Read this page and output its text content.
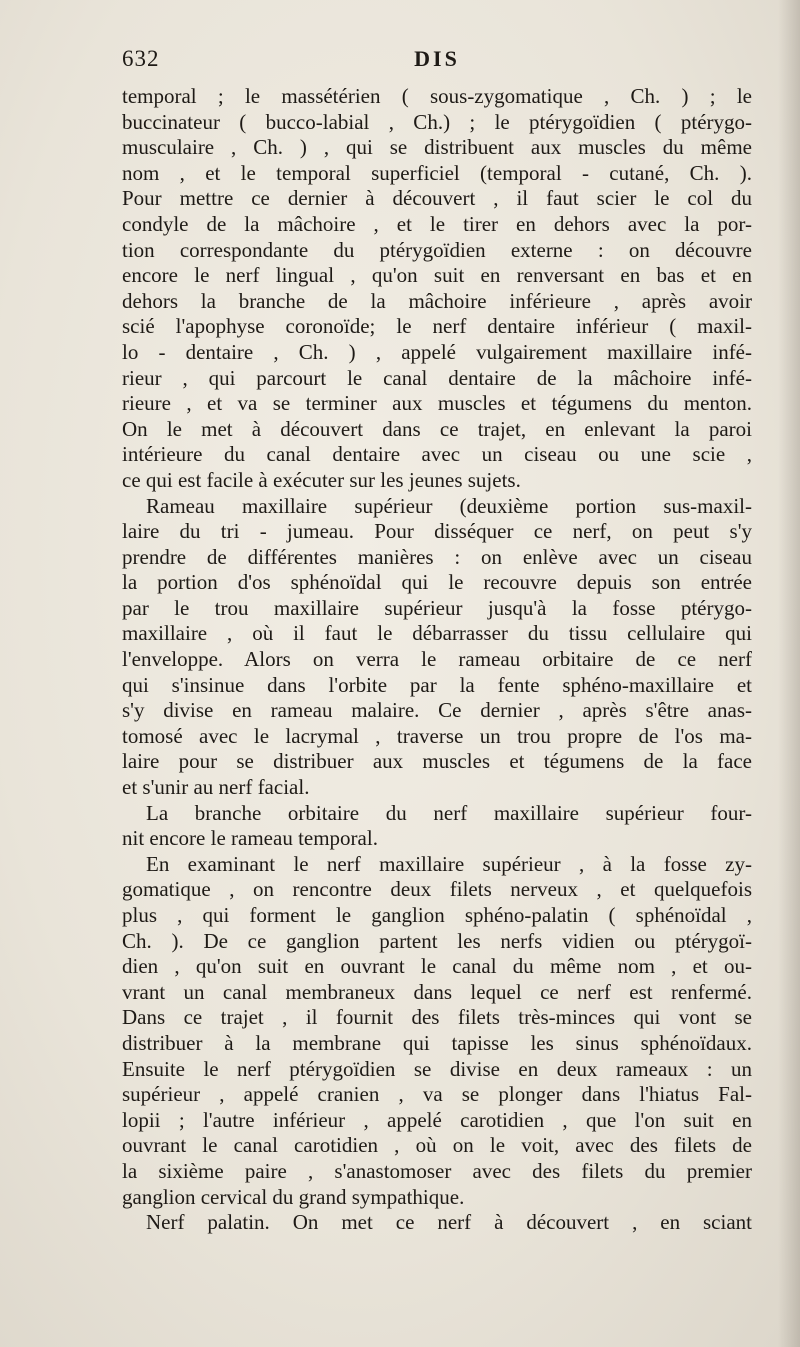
632	DIS
temporal ; le massétérien ( sous-zygomatique , Ch. ) ; le
buccinateur ( bucco-labial , Ch.) ; le ptérygoïdien ( ptérygo-
musculaire , Ch. ) , qui se distribuent aux muscles du même
nom , et le temporal superficiel (temporal - cutané, Ch. ).
Pour mettre ce dernier à découvert , il faut scier le col du
condyle de la mâchoire , et le tirer en dehors avec la por-
tion correspondante du ptérygoïdien externe : on découvre
encore le nerf lingual , qu'on suit en renversant en bas et en
dehors la branche de la mâchoire inférieure , après avoir
scié l'apophyse coronoïde; le nerf dentaire inférieur ( maxil-
lo - dentaire , Ch. ) , appelé vulgairement maxillaire infé-
rieur , qui parcourt le canal dentaire de la mâchoire infé-
rieure , et va se terminer aux muscles et tégumens du menton.
On le met à découvert dans ce trajet, en enlevant la paroi
intérieure du canal dentaire avec un ciseau ou une scie ,
ce qui est facile à exécuter sur les jeunes sujets.
Rameau maxillaire supérieur (deuxième portion sus-maxil-
laire du tri - jumeau. Pour disséquer ce nerf, on peut s'y
prendre de différentes manières : on enlève avec un ciseau
la portion d'os sphénoïdal qui le recouvre depuis son entrée
par le trou maxillaire supérieur jusqu'à la fosse ptérygo-
maxillaire , où il faut le débarrasser du tissu cellulaire qui
l'enveloppe. Alors on verra le rameau orbitaire de ce nerf
qui s'insinue dans l'orbite par la fente sphéno-maxillaire et
s'y divise en rameau malaire. Ce dernier , après s'être anas-
tomosé avec le lacrymal , traverse un trou propre de l'os ma-
laire pour se distribuer aux muscles et tégumens de la face
et s'unir au nerf facial.
La branche orbitaire du nerf maxillaire supérieur four-
nit encore le rameau temporal.
En examinant le nerf maxillaire supérieur , à la fosse zy-
gomatique , on rencontre deux filets nerveux , et quelquefois
plus , qui forment le ganglion sphéno-palatin ( sphénoïdal ,
Ch. ). De ce ganglion partent les nerfs vidien ou ptérygoï-
dien , qu'on suit en ouvrant le canal du même nom , et ou-
vrant un canal membraneux dans lequel ce nerf est renfermé.
Dans ce trajet , il fournit des filets très-minces qui vont se
distribuer à la membrane qui tapisse les sinus sphénoïdaux.
Ensuite le nerf ptérygoïdien se divise en deux rameaux : un
supérieur , appelé cranien , va se plonger dans l'hiatus Fal-
lopii ; l'autre inférieur , appelé carotidien , que l'on suit en
ouvrant le canal carotidien , où on le voit, avec des filets de
la sixième paire , s'anastomoser avec des filets du premier
ganglion cervical du grand sympathique.
Nerf palatin. On met ce nerf à découvert , en sciant
